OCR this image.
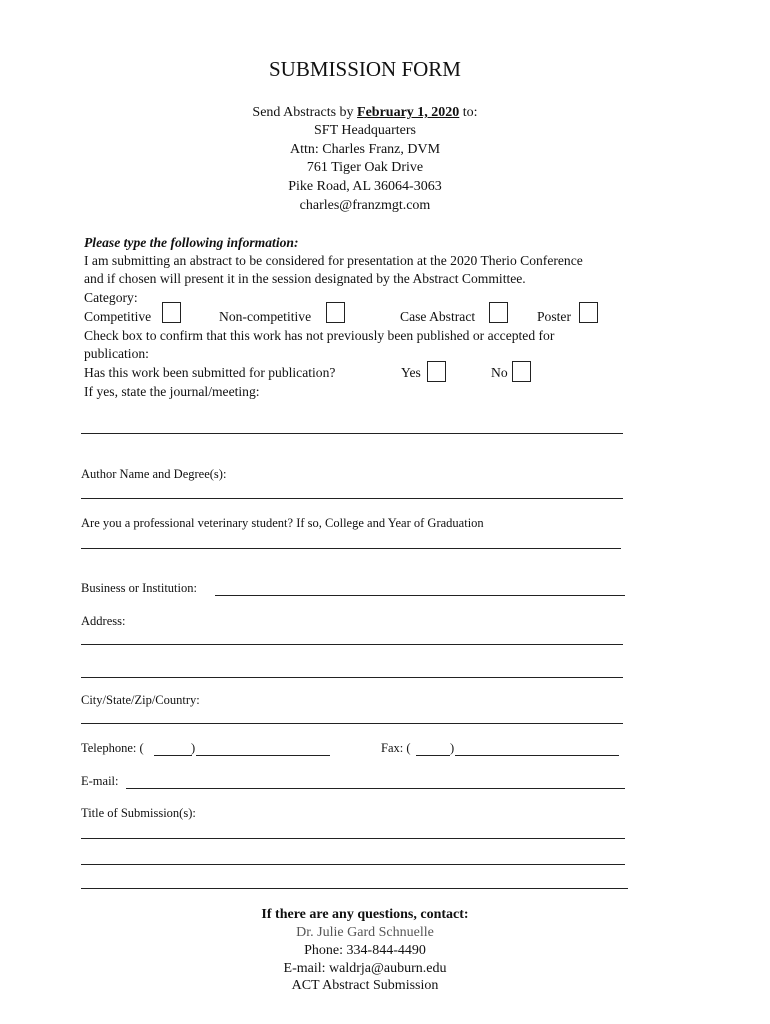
SUBMISSION FORM
Send Abstracts by February 1, 2020 to:
SFT Headquarters
Attn: Charles Franz, DVM
761 Tiger Oak Drive
Pike Road, AL 36064-3063
charles@franzmgt.com
Please type the following information:
I am submitting an abstract to be considered for presentation at the 2020 Therio Conference
and if chosen will present it in the session designated by the Abstract Committee.
Category:
Competitive	Non-competitive	Case Abstract	Poster
Check box to confirm that this work has not previously been published or accepted for
publication:
Has this work been submitted for publication?	Yes	No
If yes, state the journal/meeting:
Author Name and Degree(s):
Are you a professional veterinary student? If so, College and Year of Graduation
Business or Institution:
Address:
City/State/Zip/Country:
Telephone: (	)	Fax: (	)
E-mail:
Title of Submission(s):
If there are any questions, contact:
Dr. Julie Gard Schnuelle
Phone: 334-844-4490
E-mail: waldrja@auburn.edu
ACT Abstract Submission
